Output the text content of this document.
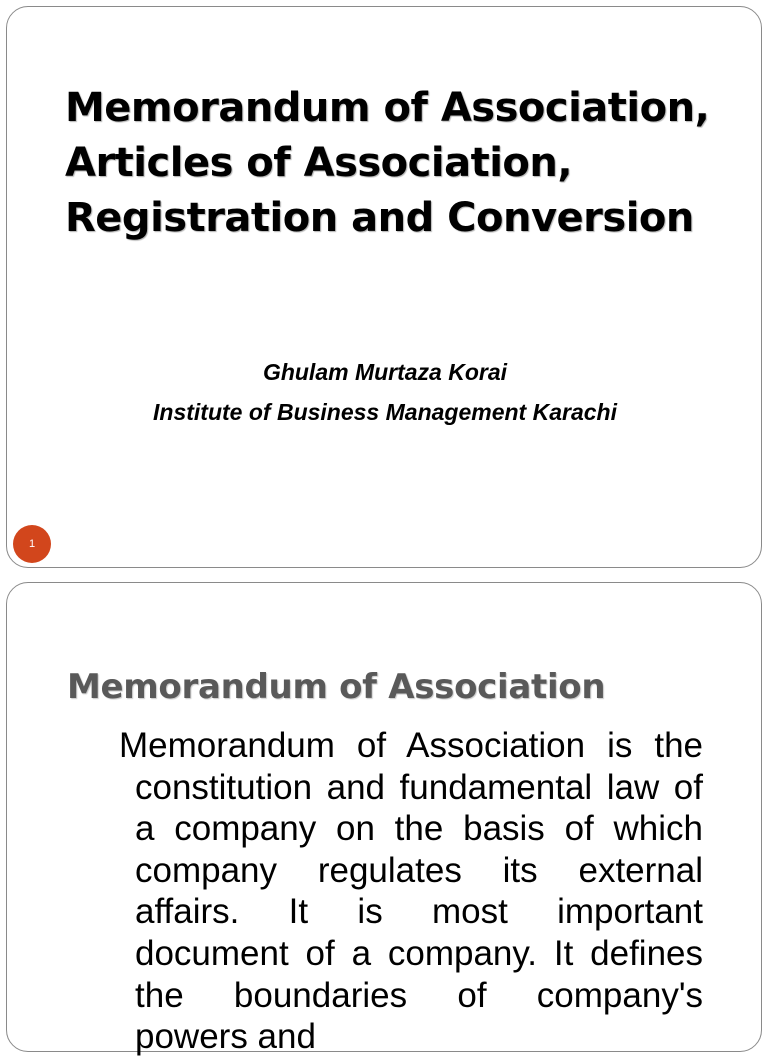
Memorandum of Association, Articles of Association, Registration and Conversion

Ghulam Murtaza Korai

Institute of Business Management Karachi

1
Memorandum of Association

Memorandum of Association is the constitution and fundamental law of a company on the basis of which company regulates its external affairs. It is most important document of a company. It defines the boundaries of company's powers and
